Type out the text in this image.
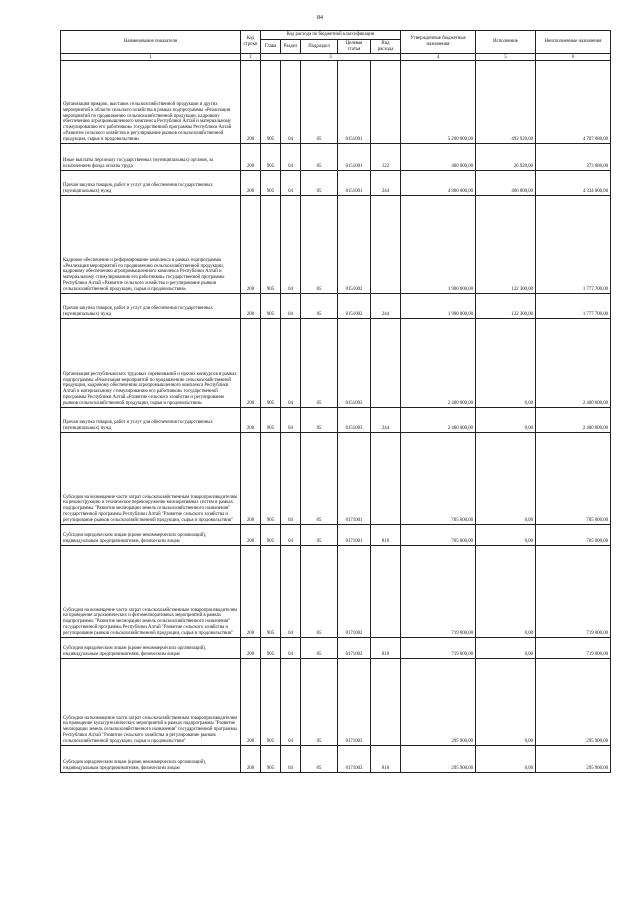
84
Наименование показателя	Код строки	Код расхода по бюджетной классификации					Утвержденные бюджетные назначения	Исполнение	Неисполненные назначения
		Глава	Раздел	Подраздел	Целевая статья	Вид расхода			
1	2	3					4	5	6
Организация ярмарок, выставок сельскохозяйственной продукции и других мероприятий в области сельского хозяйства в рамках подпрограммы «Реализация мероприятий по продвижению сельскохозяйственной продукции, кадровому обеспечению агропромышленного комплекса Республики Алтай и материальному стимулированию его работников» государственной программы Республики Алтай «Развитие сельского хозяйства и регулирование рынков сельскохозяйственной продукции, сырья и продовольствия»	200	905	04	05	0151001		5 200 000,00	492 920,00	4 707 080,00
Иные выплаты персоналу государственных (муниципальных) органов, за исключением фонда оплаты труда	200	905	04	05	0151001	122	400 000,00	26 920,00	373 080,00
Прочая закупка товаров, работ и услуг для обеспечения государственных (муниципальных) нужд	200	905	04	05	0151001	244	4 800 000,00	466 000,00	4 334 000,00
Кадровое обеспечение и реформирование комплекса в рамках подпрограммы «Реализация мероприятий по продвижению сельскохозяйственной продукции, кадровому обеспечению агропромышленного комплекса Республики Алтай и материальному стимулированию его работников» государственной программы Республики Алтай «Развитие сельского хозяйства и регулирование рынков сельскохозяйственной продукции, сырья и продовольствия»	200	905	04	05	0151002		1 900 000,00	122 300,00	1 777 700,00
Прочая закупка товаров, работ и услуг для обеспечения государственных (муниципальных) нужд	200	905	04	05	0151002	244	1 900 000,00	122 300,00	1 777 700,00
Организация республиканских трудовых соревнований и прочих конкурсов в рамках подпрограммы «Реализация мероприятий по продвижению сельскохозяйственной продукции, кадровому обеспечению агропромышленного комплекса Республики Алтай и материальному стимулированию его работников» государственной программы Республики Алтай «Развитие сельского хозяйства и регулирование рынков сельскохозяйственной продукции, сырья и продовольствия»	200	905	04	05	0151003		2 400 000,00	0,00	2 400 000,00
Прочая закупка товаров, работ и услуг для обеспечения государственных (муниципальных) нужд	200	905	04	05	0151003	244	2 400 000,00	0,00	2 400 000,00
Субсидии на возмещение части затрат сельскохозяйственным товаропроизводителям на реконструкцию и техническое перевооружение мелиоративных систем в рамках подпрограммы "Развитие мелиорации земель сельскохозяйственного назначения" государственной программы Республики Алтай "Развитие сельского хозяйства и регулирование рынков сельскохозяйственной продукции, сырья и продовольствия"	200	905	04	05	0171001		705 000,00	0,00	705 000,00
Субсидии юридическим лицам (кроме некоммерческих организаций), индивидуальным предпринимателям, физическим лицам	200	905	04	05	0171001	810	705 000,00	0,00	705 000,00
Субсидии на возмещение части затрат сельскохозяйственным товаропроизводителям на проведение агрохимических и фитомелиоративных мероприятий в рамках подпрограммы "Развитие мелиорации земель сельскохозяйственного назначения" государственной программы Республики Алтай "Развитие сельского хозяйства и регулирование рынков сельскохозяйственной продукции, сырья и продовольствия"	200	905	04	05	0171002		719 000,00	0,00	719 000,00
Субсидии юридическим лицам (кроме некоммерческих организаций), индивидуальным предпринимателям, физическим лицам	200	905	04	05	0171002	810	719 000,00	0,00	719 000,00
Субсидии на возмещение части затрат сельскохозяйственным товаропроизводителям на проведение культуртехнических мероприятий в рамках подпрограммы "Развитие мелиорации земель сельскохозяйственного назначения" государственной программы Республики Алтай "Развитие сельского хозяйства и регулирование рынков сельскохозяйственной продукции, сырья и продовольствия"	200	905	04	05	0171003		295 900,00	0,00	295 900,00
Субсидии юридическим лицам (кроме некоммерческих организаций), индивидуальным предпринимателям, физическим лицам	200	905	04	05	0171003	810	295 900,00	0,00	295 900,00
